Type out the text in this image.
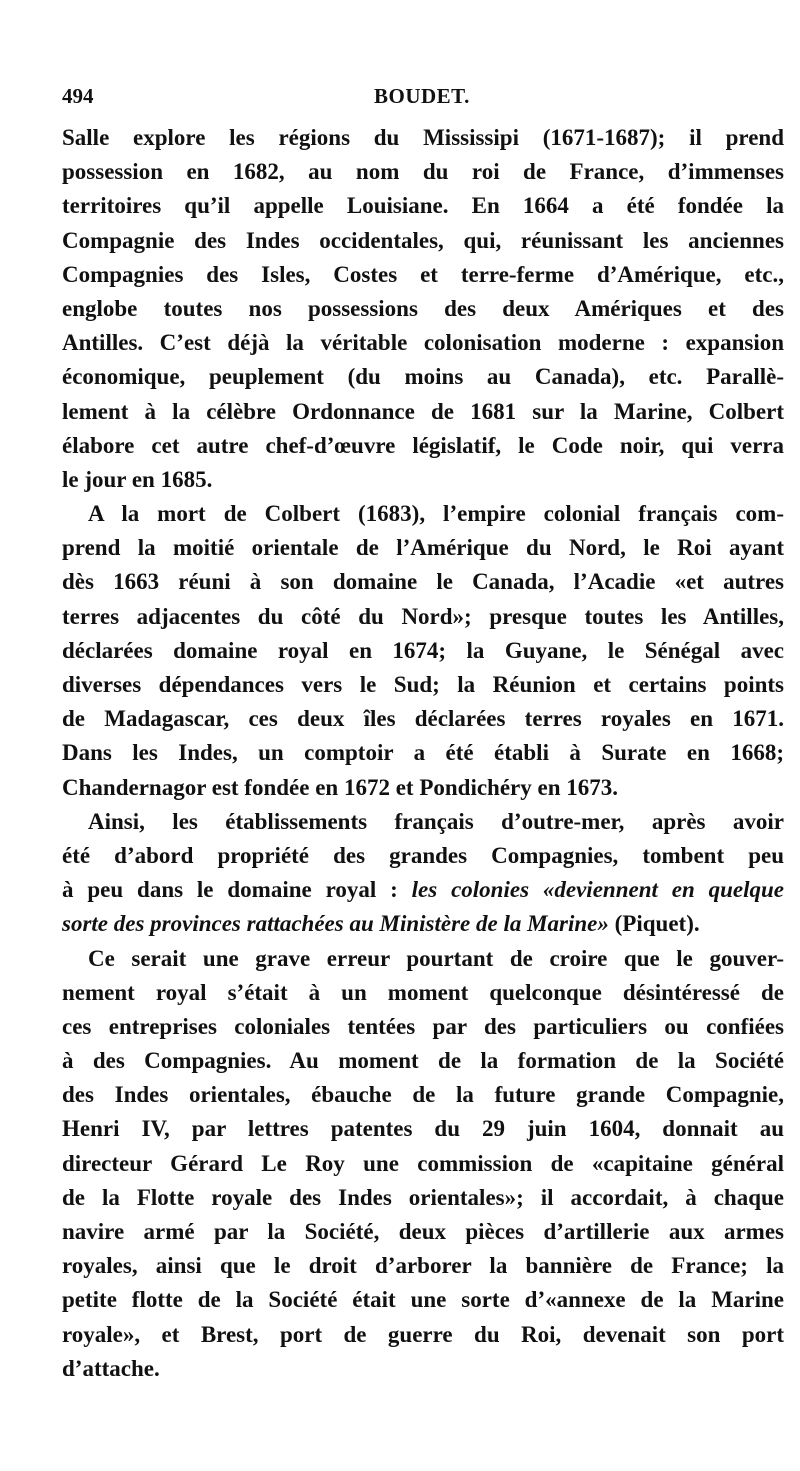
494	BOUDET.
Salle explore les régions du Mississipi (1671-1687); il prend
possession en 1682, au nom du roi de France, d’immenses
territoires qu’il appelle Louisiane. En 1664 a été fondée la
Compagnie des Indes occidentales, qui, réunissant les anciennes
Compagnies des Isles, Costes et terre-ferme d’Amérique, etc.,
englobe toutes nos possessions des deux Amériques et des
Antilles. C’est déjà la véritable colonisation moderne : expansion
économique, peuplement (du moins au Canada), etc. Parallè-
lement à la célèbre Ordonnance de 1681 sur la Marine, Colbert
élabore cet autre chef-d’œuvre législatif, le Code noir, qui verra
le jour en 1685.
A la mort de Colbert (1683), l’empire colonial français com-
prend la moitié orientale de l’Amérique du Nord, le Roi ayant
dès 1663 réuni à son domaine le Canada, l’Acadie «et autres
terres adjacentes du côté du Nord»; presque toutes les Antilles,
déclarées domaine royal en 1674; la Guyane, le Sénégal avec
diverses dépendances vers le Sud; la Réunion et certains points
de Madagascar, ces deux îles déclarées terres royales en 1671.
Dans les Indes, un comptoir a été établi à Surate en 1668;
Chandernagor est fondée en 1672 et Pondichéry en 1673.
Ainsi, les établissements français d’outre-mer, après avoir
été d’abord propriété des grandes Compagnies, tombent peu
à peu dans le domaine royal : les colonies «deviennent en quelque
sorte des provinces rattachées au Ministère de la Marine» (Piquet).
Ce serait une grave erreur pourtant de croire que le gouver-
nement royal s’était à un moment quelconque désintéressé de
ces entreprises coloniales tentées par des particuliers ou confiées
à des Compagnies. Au moment de la formation de la Société
des Indes orientales, ébauche de la future grande Compagnie,
Henri IV, par lettres patentes du 29 juin 1604, donnait au
directeur Gérard Le Roy une commission de «capitaine général
de la Flotte royale des Indes orientales»; il accordait, à chaque
navire armé par la Société, deux pièces d’artillerie aux armes
royales, ainsi que le droit d’arborer la bannière de France; la
petite flotte de la Société était une sorte d’«annexe de la Marine
royale», et Brest, port de guerre du Roi, devenait son port
d’attache.
